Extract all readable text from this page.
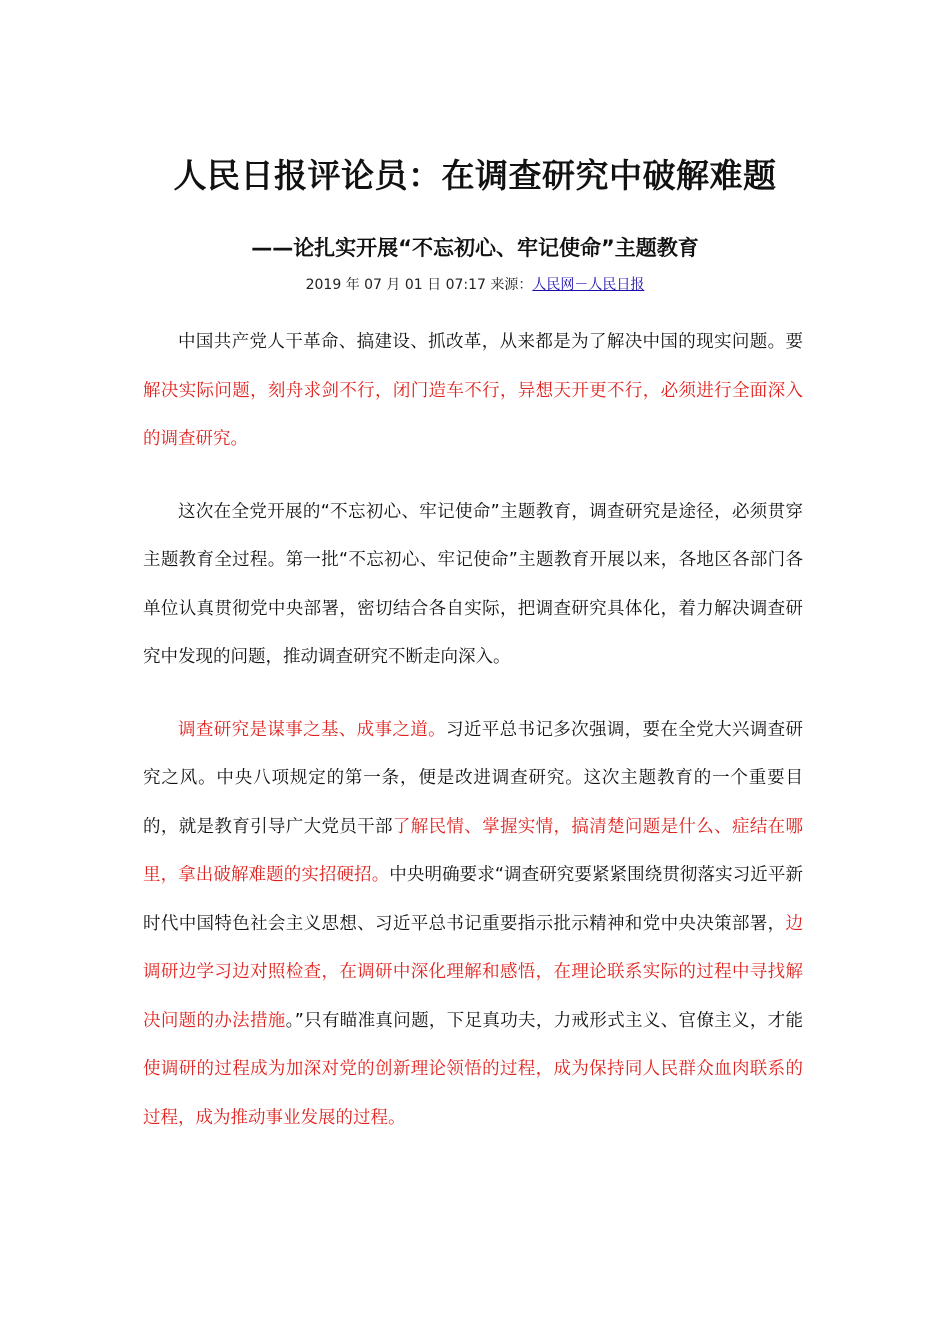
人民日报评论员：在调查研究中破解难题
——论扎实开展“不忘初心、牢记使命”主题教育
2019 年 07 月 01 日 07:17 来源：人民网－人民日报

中国共产党人干革命、搞建设、抓改革，从来都是为了解决中国的现实问题。要解决实际问题，刻舟求剑不行，闭门造车不行，异想天开更不行，必须进行全面深入的调查研究。

这次在全党开展的“不忘初心、牢记使命”主题教育，调查研究是途径，必须贯穿主题教育全过程。第一批“不忘初心、牢记使命”主题教育开展以来，各地区各部门各单位认真贯彻党中央部署，密切结合各自实际，把调查研究具体化，着力解决调查研究中发现的问题，推动调查研究不断走向深入。

调查研究是谋事之基、成事之道。习近平总书记多次强调，要在全党大兴调查研究之风。中央八项规定的第一条，便是改进调查研究。这次主题教育的一个重要目的，就是教育引导广大党员干部了解民情、掌握实情，搞清楚问题是什么、症结在哪里，拿出破解难题的实招硬招。中央明确要求“调查研究要紧紧围绕贯彻落实习近平新时代中国特色社会主义思想、习近平总书记重要指示批示精神和党中央决策部署，边调研边学习边对照检查，在调研中深化理解和感悟，在理论联系实际的过程中寻找解决问题的办法措施。”只有瞄准真问题，下足真功夫，力戒形式主义、官僚主义，才能使调研的过程成为加深对党的创新理论领悟的过程，成为保持同人民群众血肉联系的过程，成为推动事业发展的过程。
